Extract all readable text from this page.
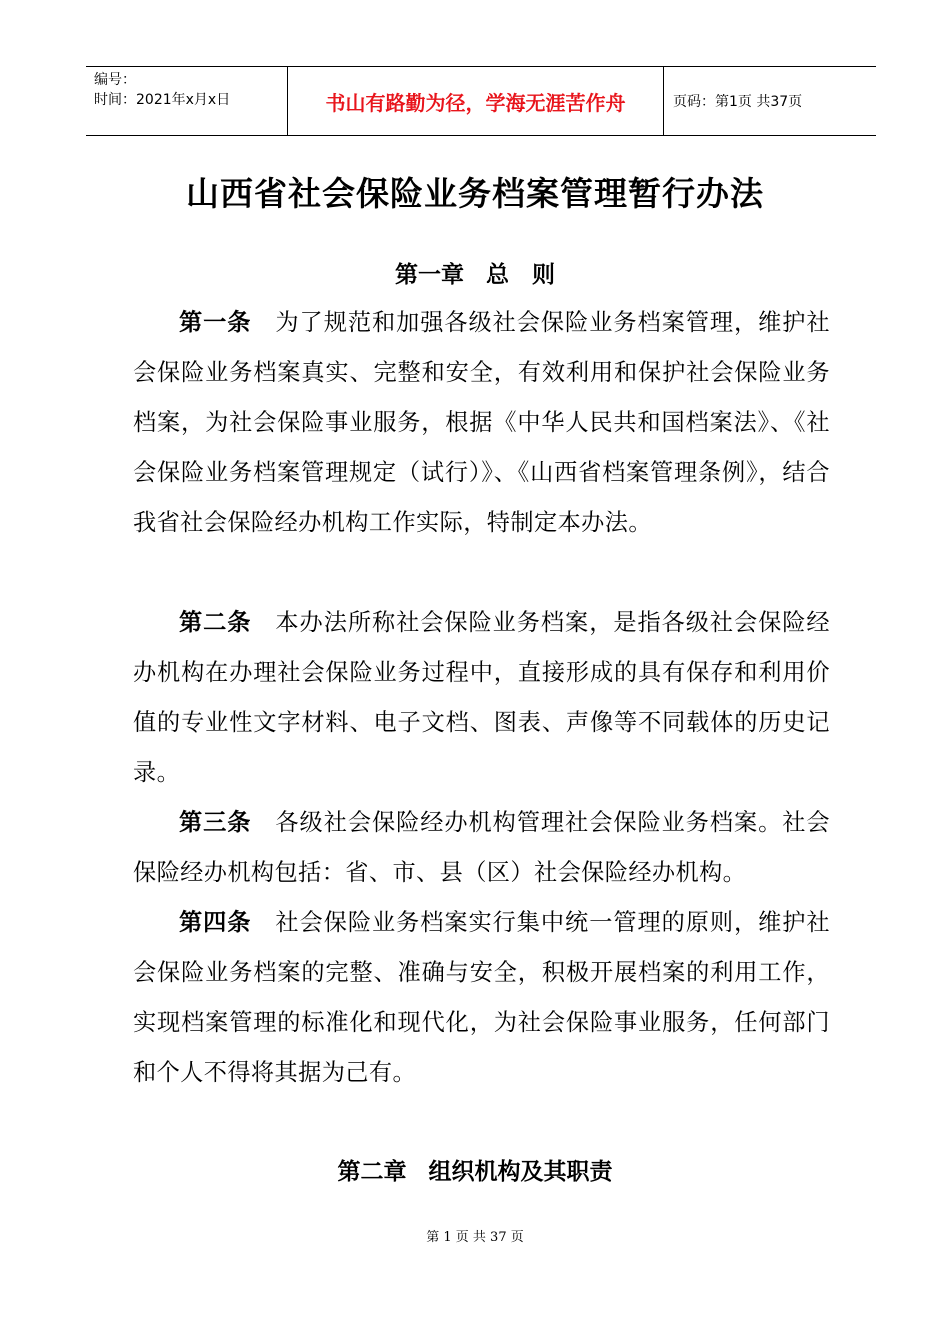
编号：
时间：2021年x月x日	书山有路勤为径，学海无涯苦作舟	页码：第1页 共37页
山西省社会保险业务档案管理暂行办法
第一章 总　则
第一条 为了规范和加强各级社会保险业务档案管理，维护社会保险业务档案真实、完整和安全，有效利用和保护社会保险业务档案，为社会保险事业服务，根据《中华人民共和国档案法》、《社会保险业务档案管理规定（试行）》、《山西省档案管理条例》，结合我省社会保险经办机构工作实际，特制定本办法。
第二条 本办法所称社会保险业务档案，是指各级社会保险经办机构在办理社会保险业务过程中，直接形成的具有保存和利用价值的专业性文字材料、电子文档、图表、声像等不同载体的历史记录。
第三条 各级社会保险经办机构管理社会保险业务档案。社会保险经办机构包括：省、市、县（区）社会保险经办机构。
第四条 社会保险业务档案实行集中统一管理的原则，维护社会保险业务档案的完整、准确与安全，积极开展档案的利用工作，实现档案管理的标准化和现代化，为社会保险事业服务，任何部门和个人不得将其据为己有。
第二章 组织机构及其职责
第 1 页 共 37 页
